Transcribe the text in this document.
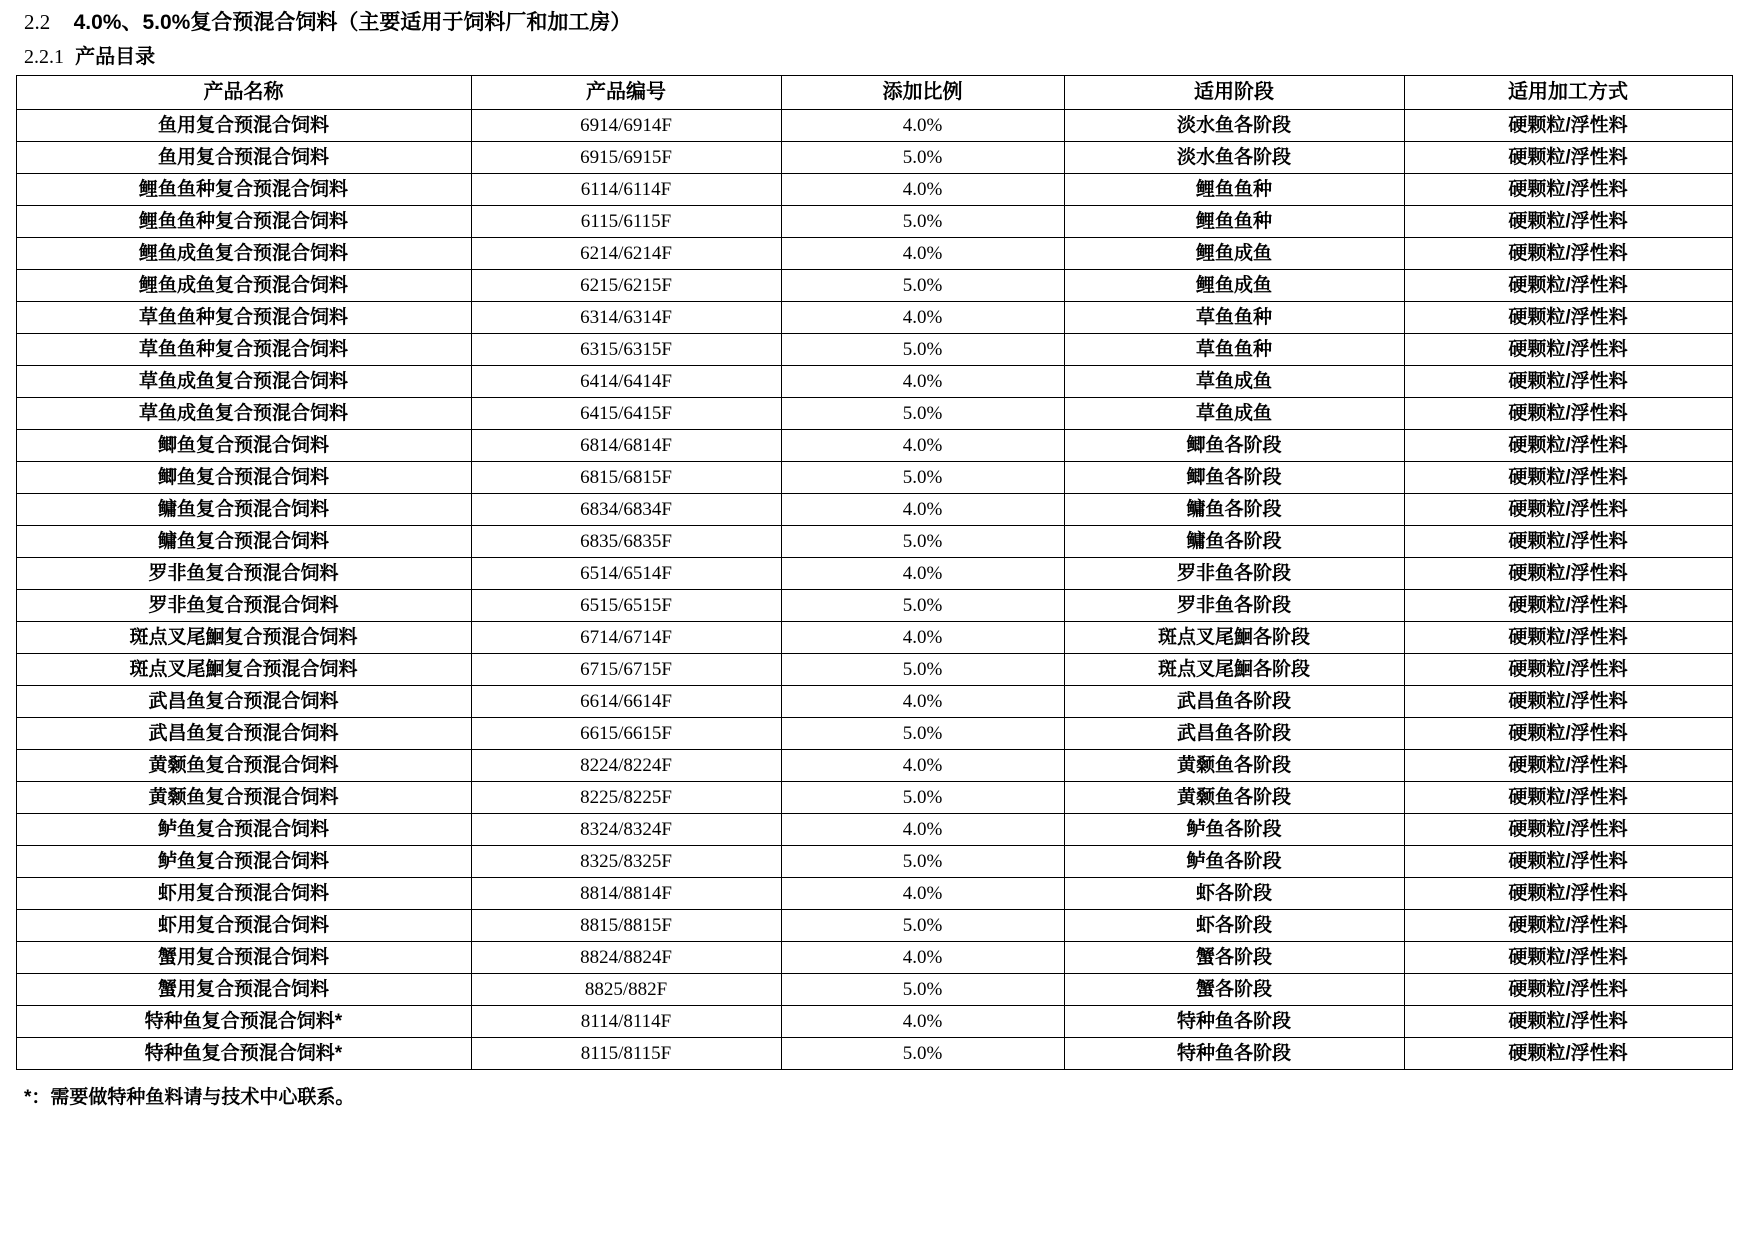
2.2 4.0%、5.0%复合预混合饲料（主要适用于饲料厂和加工房）
2.2.1 产品目录
产品名称	产品编号	添加比例	适用阶段	适用加工方式
鱼用复合预混合饲料	6914/6914F	4.0%	淡水鱼各阶段	硬颗粒/浮性料
鱼用复合预混合饲料	6915/6915F	5.0%	淡水鱼各阶段	硬颗粒/浮性料
鲤鱼鱼种复合预混合饲料	6114/6114F	4.0%	鲤鱼鱼种	硬颗粒/浮性料
鲤鱼鱼种复合预混合饲料	6115/6115F	5.0%	鲤鱼鱼种	硬颗粒/浮性料
鲤鱼成鱼复合预混合饲料	6214/6214F	4.0%	鲤鱼成鱼	硬颗粒/浮性料
鲤鱼成鱼复合预混合饲料	6215/6215F	5.0%	鲤鱼成鱼	硬颗粒/浮性料
草鱼鱼种复合预混合饲料	6314/6314F	4.0%	草鱼鱼种	硬颗粒/浮性料
草鱼鱼种复合预混合饲料	6315/6315F	5.0%	草鱼鱼种	硬颗粒/浮性料
草鱼成鱼复合预混合饲料	6414/6414F	4.0%	草鱼成鱼	硬颗粒/浮性料
草鱼成鱼复合预混合饲料	6415/6415F	5.0%	草鱼成鱼	硬颗粒/浮性料
鲫鱼复合预混合饲料	6814/6814F	4.0%	鲫鱼各阶段	硬颗粒/浮性料
鲫鱼复合预混合饲料	6815/6815F	5.0%	鲫鱼各阶段	硬颗粒/浮性料
鳙鱼复合预混合饲料	6834/6834F	4.0%	鳙鱼各阶段	硬颗粒/浮性料
鳙鱼复合预混合饲料	6835/6835F	5.0%	鳙鱼各阶段	硬颗粒/浮性料
罗非鱼复合预混合饲料	6514/6514F	4.0%	罗非鱼各阶段	硬颗粒/浮性料
罗非鱼复合预混合饲料	6515/6515F	5.0%	罗非鱼各阶段	硬颗粒/浮性料
斑点叉尾鮰复合预混合饲料	6714/6714F	4.0%	斑点叉尾鮰各阶段	硬颗粒/浮性料
斑点叉尾鮰复合预混合饲料	6715/6715F	5.0%	斑点叉尾鮰各阶段	硬颗粒/浮性料
武昌鱼复合预混合饲料	6614/6614F	4.0%	武昌鱼各阶段	硬颗粒/浮性料
武昌鱼复合预混合饲料	6615/6615F	5.0%	武昌鱼各阶段	硬颗粒/浮性料
黄颡鱼复合预混合饲料	8224/8224F	4.0%	黄颡鱼各阶段	硬颗粒/浮性料
黄颡鱼复合预混合饲料	8225/8225F	5.0%	黄颡鱼各阶段	硬颗粒/浮性料
鲈鱼复合预混合饲料	8324/8324F	4.0%	鲈鱼各阶段	硬颗粒/浮性料
鲈鱼复合预混合饲料	8325/8325F	5.0%	鲈鱼各阶段	硬颗粒/浮性料
虾用复合预混合饲料	8814/8814F	4.0%	虾各阶段	硬颗粒/浮性料
虾用复合预混合饲料	8815/8815F	5.0%	虾各阶段	硬颗粒/浮性料
蟹用复合预混合饲料	8824/8824F	4.0%	蟹各阶段	硬颗粒/浮性料
蟹用复合预混合饲料	8825/882F	5.0%	蟹各阶段	硬颗粒/浮性料
特种鱼复合预混合饲料*	8114/8114F	4.0%	特种鱼各阶段	硬颗粒/浮性料
特种鱼复合预混合饲料*	8115/8115F	5.0%	特种鱼各阶段	硬颗粒/浮性料
*：需要做特种鱼料请与技术中心联系。
